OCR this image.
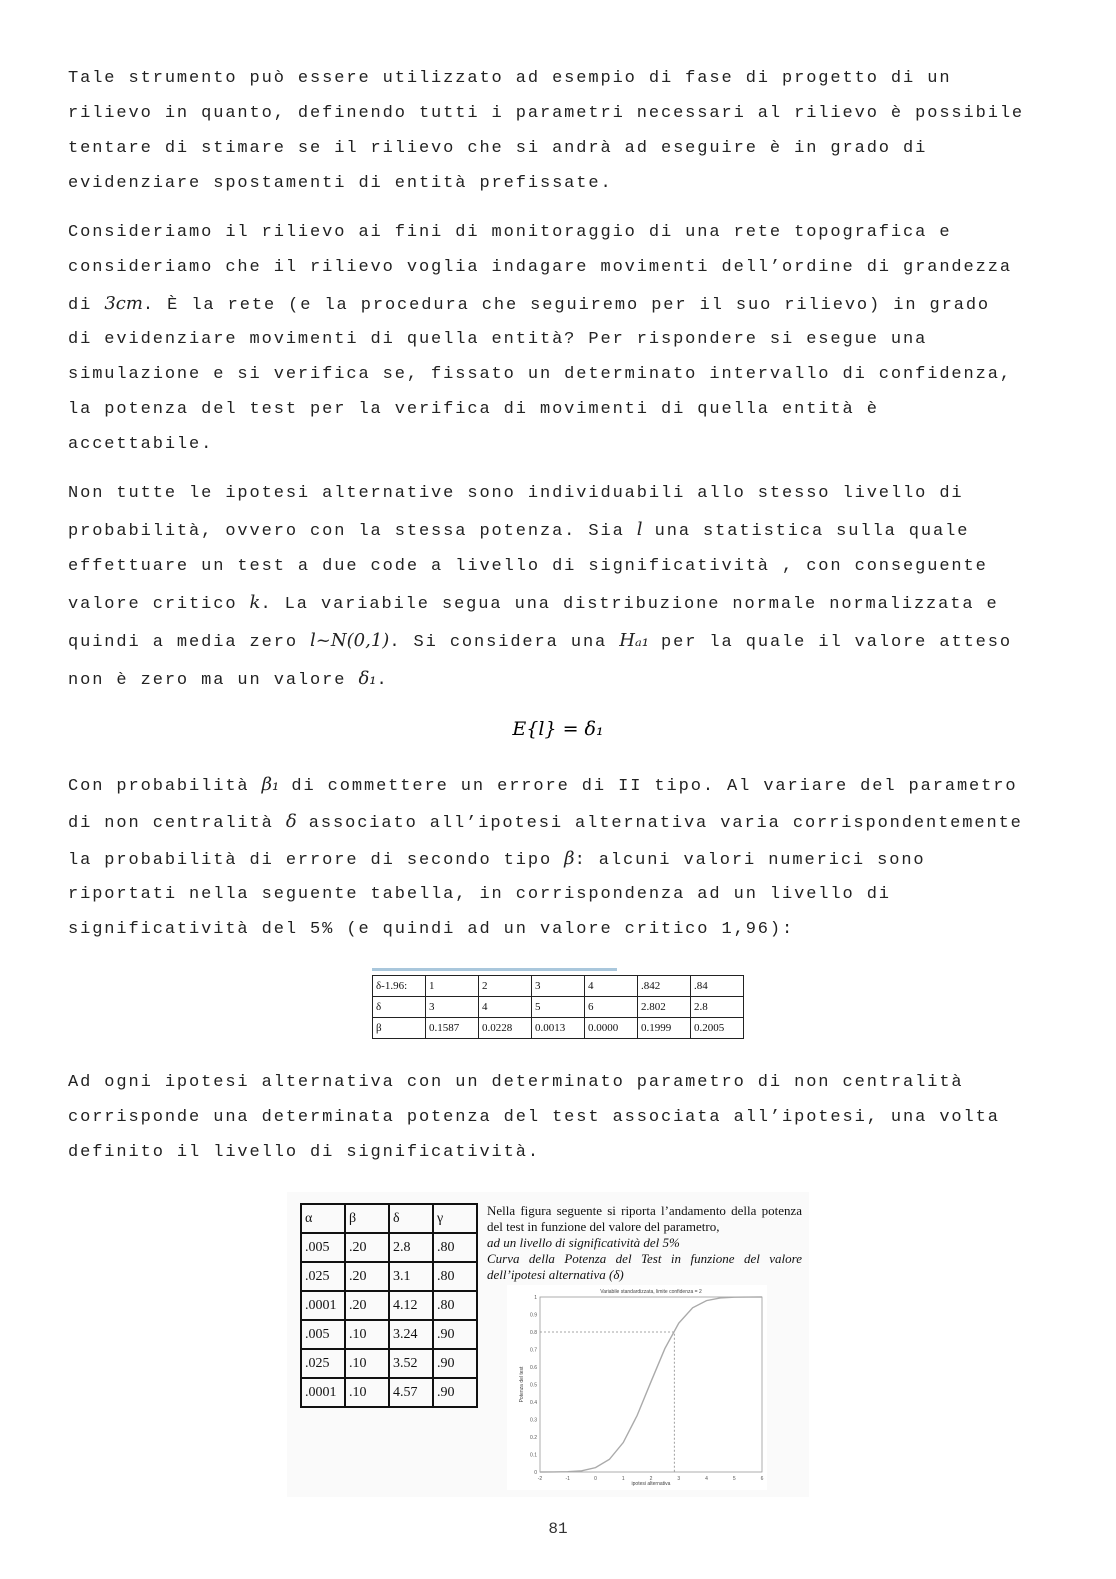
Tale strumento può essere utilizzato ad esempio di fase di progetto di un
rilievo in quanto, definendo tutti i parametri necessari al rilievo è possibile
tentare di stimare se il rilievo che si andrà ad eseguire è in grado di
evidenziare spostamenti di entità prefissate.
Consideriamo il rilievo ai fini di monitoraggio di una rete topografica e
consideriamo che il rilievo voglia indagare movimenti dell’ordine di grandezza
di 3cm. È la rete (e la procedura che seguiremo per il suo rilievo) in grado
di evidenziare movimenti di quella entità? Per rispondere si esegue una
simulazione e si verifica se, fissato un determinato intervallo di confidenza,
la potenza del test per la verifica di movimenti di quella entità è
accettabile.
Non tutte le ipotesi alternative sono individuabili allo stesso livello di
probabilità, ovvero con la stessa potenza. Sia l una statistica sulla quale
effettuare un test a due code a livello di significatività , con conseguente
valore critico k. La variabile segua una distribuzione normale normalizzata e
quindi a media zero l~N(0,1). Si considera una Hₐ₁ per la quale il valore atteso
non è zero ma un valore δ₁.
E{l} = δ₁
Con probabilità β₁ di commettere un errore di II tipo. Al variare del parametro
di non centralità δ associato all’ipotesi alternativa varia corrispondentemente
la probabilità di errore di secondo tipo β: alcuni valori numerici sono
riportati nella seguente tabella, in corrispondenza ad un livello di
significatività del 5% (e quindi ad un valore critico 1,96):
δ-1.96:	1	2	3	4	.842	.84
δ	3	4	5	6	2.802	2.8
β	0.1587	0.0228	0.0013	0.0000	0.1999	0.2005
Ad ogni ipotesi alternativa con un determinato parametro di non centralità
corrisponde una determinata potenza del test associata all’ipotesi, una volta
definito il livello di significatività.
α	β	δ	γ
.005	.20	2.8	.80
.025	.20	3.1	.80
.0001	.20	4.12	.80
.005	.10	3.24	.90
.025	.10	3.52	.90
.0001	.10	4.57	.90
Nella figura seguente si riporta l’andamento della potenza del test in funzione del valore del parametro,
ad un livello di significatività del 5%
Curva della Potenza del Test in funzione del valore dell’ipotesi alternativa (δ)
Variabile standardizzata, limite confidenza = 2
ipotesi alternativa
Potenza del test
-2	-1	0	1	2	3	4	5	6
0
0.1
0.2
0.3
0.4
0.5
0.6
0.7
0.8
0.9
1
81
